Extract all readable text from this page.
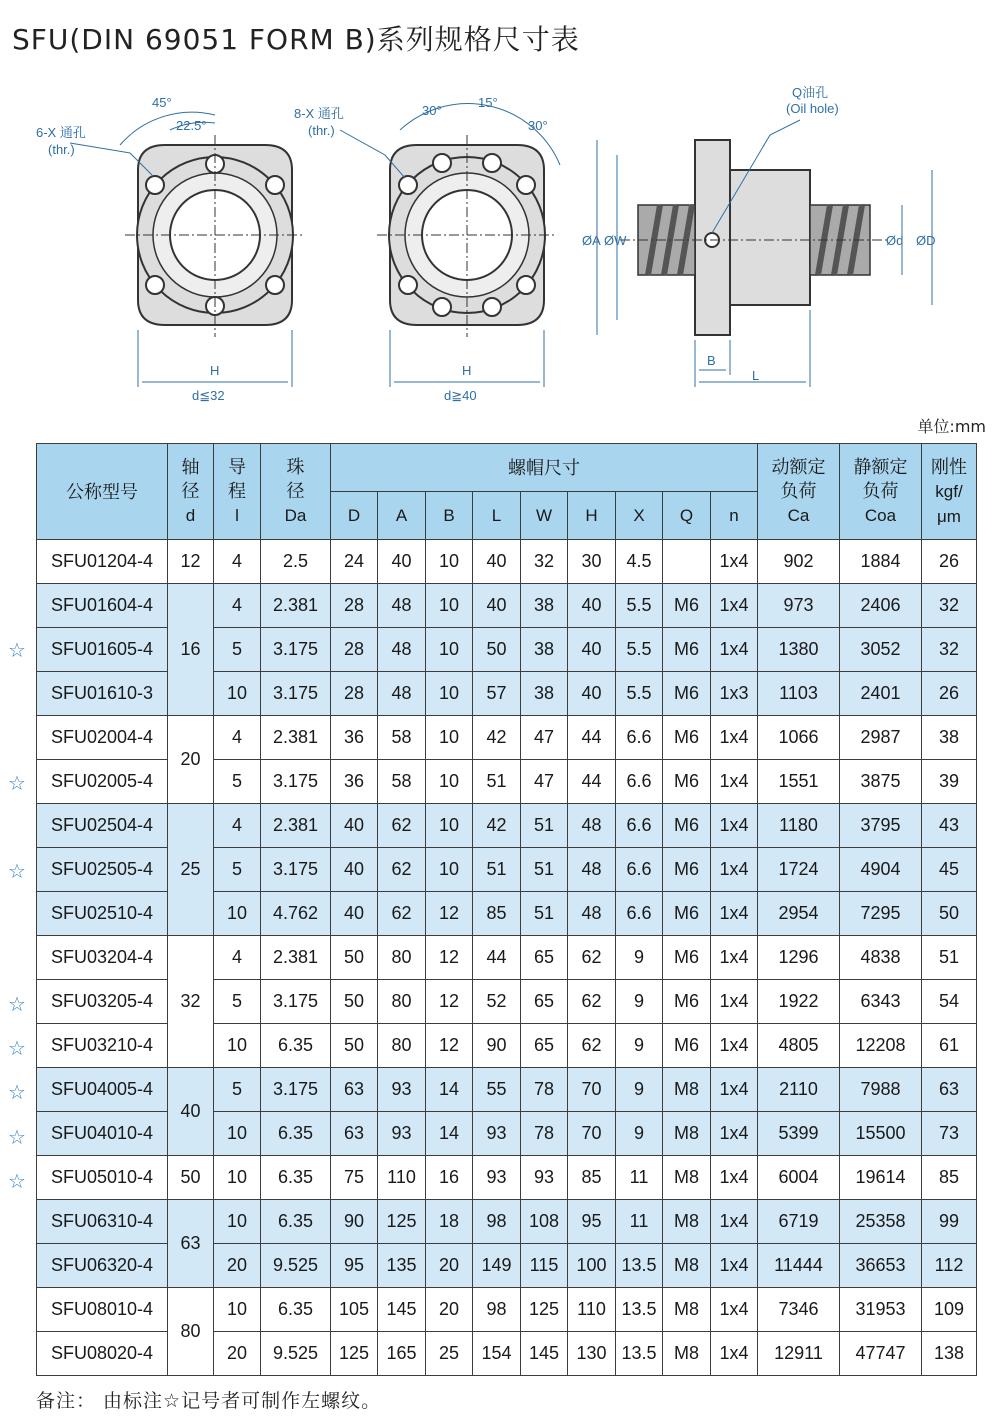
SFU(DIN 69051 FORM B)系列规格尺寸表
45°
22.5°
6-X 通孔
(thr.)
H
d≦32
30°
15°
30°
8-X 通孔
(thr.)
H
d≧40
Q油孔
(Oil hole)
ØA ØW	Ød ØD
B
L
单位:mm
公称型号	轴
径
d	导
程
l	珠
径
Da	螺帽尺寸									动额定
负荷
Ca	静额定
负荷
Coa	刚性
kgf/
μm
				D	A	B	L	W	H	X	Q	n			
SFU01204-4	12	4	2.5	24	40	10	40	32	30	4.5		1x4	902	1884	26
SFU01604-4	16	4	2.381	28	48	10	40	38	40	5.5	M6	1x4	973	2406	32
SFU01605-4		5	3.175	28	48	10	50	38	40	5.5	M6	1x4	1380	3052	32
SFU01610-3		10	3.175	28	48	10	57	38	40	5.5	M6	1x3	1103	2401	26
SFU02004-4	20	4	2.381	36	58	10	42	47	44	6.6	M6	1x4	1066	2987	38
SFU02005-4		5	3.175	36	58	10	51	47	44	6.6	M6	1x4	1551	3875	39
SFU02504-4	25	4	2.381	40	62	10	42	51	48	6.6	M6	1x4	1180	3795	43
SFU02505-4		5	3.175	40	62	10	51	51	48	6.6	M6	1x4	1724	4904	45
SFU02510-4		10	4.762	40	62	12	85	51	48	6.6	M6	1x4	2954	7295	50
SFU03204-4	32	4	2.381	50	80	12	44	65	62	9	M6	1x4	1296	4838	51
SFU03205-4		5	3.175	50	80	12	52	65	62	9	M6	1x4	1922	6343	54
SFU03210-4		10	6.35	50	80	12	90	65	62	9	M6	1x4	4805	12208	61
SFU04005-4	40	5	3.175	63	93	14	55	78	70	9	M8	1x4	2110	7988	63
SFU04010-4		10	6.35	63	93	14	93	78	70	9	M8	1x4	5399	15500	73
SFU05010-4	50	10	6.35	75	110	16	93	93	85	11	M8	1x4	6004	19614	85
SFU06310-4	63	10	6.35	90	125	18	98	108	95	11	M8	1x4	6719	25358	99
SFU06320-4		20	9.525	95	135	20	149	115	100	13.5	M8	1x4	11444	36653	112
SFU08010-4	80	10	6.35	105	145	20	98	125	110	13.5	M8	1x4	7346	31953	109
SFU08020-4		20	9.525	125	165	25	154	145	130	13.5	M8	1x4	12911	47747	138
☆
☆
☆
☆
☆
☆
☆
☆
备注： 由标注☆记号者可制作左螺纹。
